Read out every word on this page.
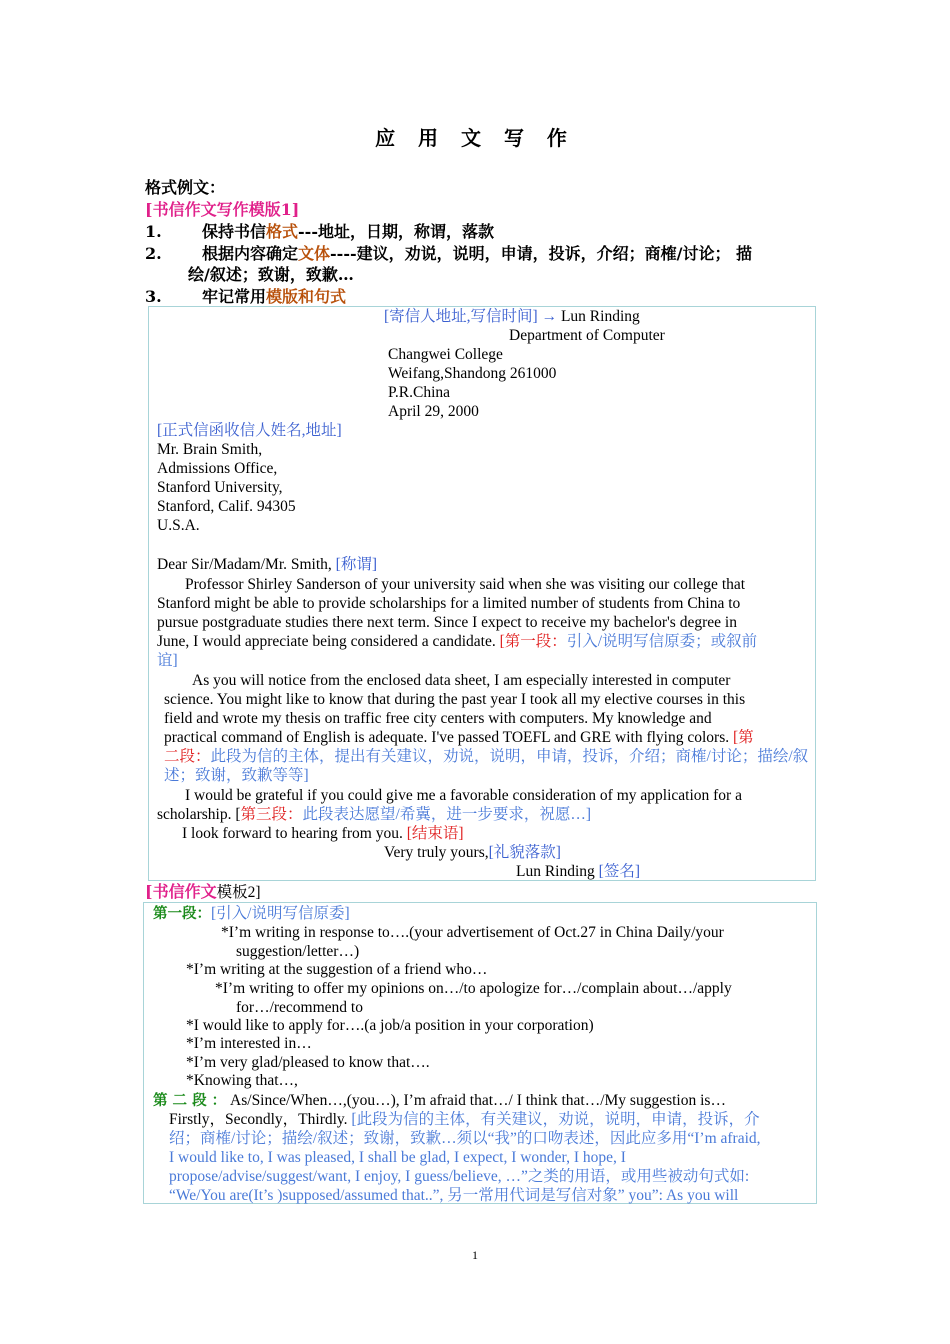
应 用 文 写 作
格式例文：
[书信作文写作模版1]
1.	保持书信格式---地址，日期，称谓，落款
2.	根据内容确定文体----建议，劝说，说明，申请，投诉，介绍；商榷/讨论； 描
绘/叙述；致谢，致歉…
3.	牢记常用模版和句式
[寄信人地址,写信时间] → Lun Rinding
Department of Computer
Changwei College
Weifang,Shandong 261000
P.R.China
April 29, 2000
[正式信函收信人姓名,地址]
Mr. Brain Smith,
Admissions Office,
Stanford University,
Stanford, Calif. 94305
U.S.A.
Dear Sir/Madam/Mr. Smith, [称谓]
Professor Shirley Sanderson of your university said when she was visiting our college that
Stanford might be able to provide scholarships for a limited number of students from China to
pursue postgraduate studies there next term. Since I expect to receive my bachelor's degree in
June, I would appreciate being considered a candidate. [第一段：引入/说明写信原委；或叙前
谊]
As you will notice from the enclosed data sheet, I am especially interested in computer
science. You might like to know that during the past year I took all my elective courses in this
field and wrote my thesis on traffic free city centers with computers. My knowledge and
practical command of English is adequate. I've passed TOEFL and GRE with flying colors. [第
二段：此段为信的主体，提出有关建议，劝说，说明，申请，投诉，介绍；商榷/讨论；描绘/叙
述；致谢，致歉等等]
I would be grateful if you could give me a favorable consideration of my application for a
scholarship. [第三段：此段表达愿望/希冀，进一步要求，祝愿…]
I look forward to hearing from you. [结束语]
Very truly yours,[礼貌落款]
Lun Rinding [签名]
[书信作文模板2]
第一段：[引入/说明写信原委]
*I’m writing in response to….(your advertisement of Oct.27 in China Daily/your
suggestion/letter…)
*I’m writing at the suggestion of a friend who…
*I’m writing to offer my opinions on…/to apologize for…/complain about…/apply
for…/recommend to
*I would like to apply for….(a job/a position in your corporation)
*I’m interested in…
*I’m very glad/pleased to know that….
*Knowing that…,
第 二 段 ： As/Since/When…,(you…), I’m afraid that…/ I think that…/My suggestion is…
Firstly，Secondly，Thirdly. [此段为信的主体，有关建议，劝说，说明，申请，投诉，介
绍；商榷/讨论；描绘/叙述；致谢，致歉…须以“我”的口吻表述，因此应多用“I’m afraid,
I would like to, I was pleased, I shall be glad, I expect, I wonder, I hope, I
propose/advise/suggest/want, I enjoy, I guess/believe, …”之类的用语，或用些被动句式如:
“We/You are(It’s )supposed/assumed that..”, 另一常用代词是写信对象” you”: As you will
1
